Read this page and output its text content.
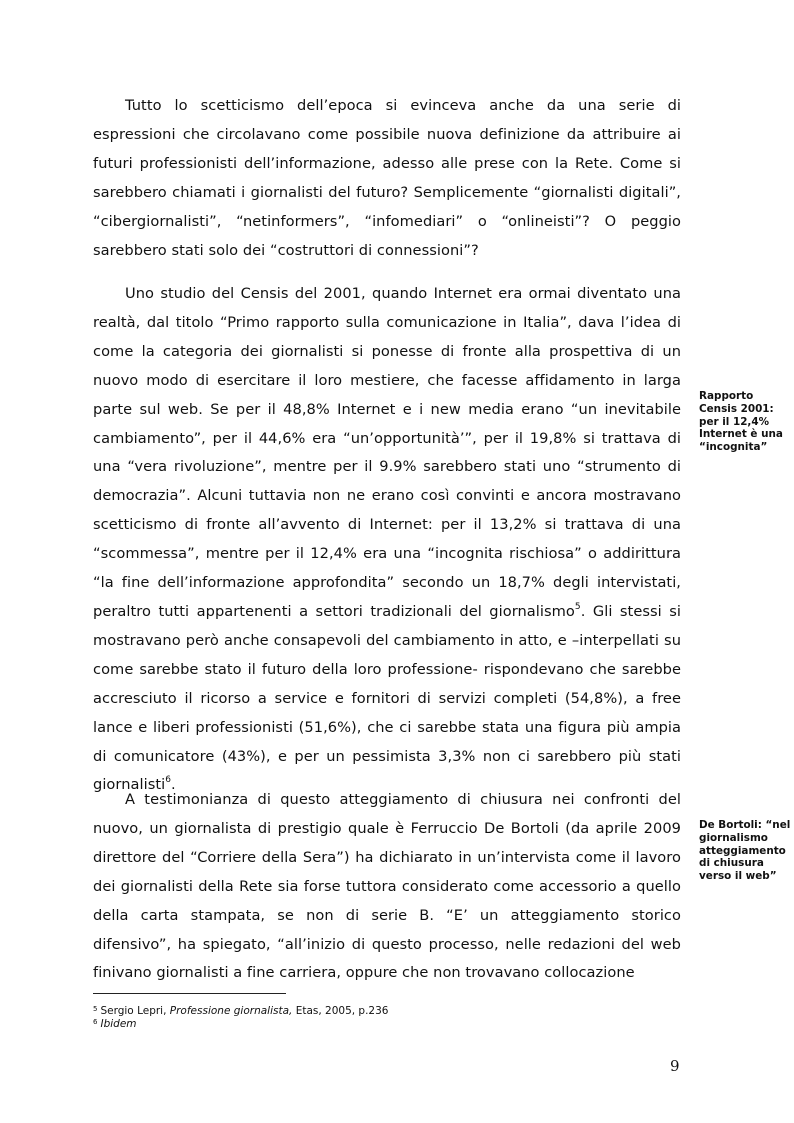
Tutto lo scetticismo dell’epoca si evinceva anche da una serie di espressioni che circolavano come possibile nuova definizione da attribuire ai futuri professionisti dell’informazione, adesso alle prese con la Rete. Come si sarebbero chiamati i giornalisti del futuro? Semplicemente “giornalisti digitali”, “cibergiornalisti”, “netinformers”, “infomediari” o “onlineisti”? O peggio sarebbero stati solo dei “costruttori di connessioni”?

Uno studio del Censis del 2001, quando Internet era ormai diventato una realtà, dal titolo “Primo rapporto sulla comunicazione in Italia”, dava l’idea di come la categoria dei giornalisti si ponesse di fronte alla prospettiva di un nuovo modo di esercitare il loro mestiere, che facesse affidamento in larga parte sul web. Se per il 48,8% Internet e i new media erano “un inevitabile cambiamento”, per il 44,6% era “un’opportunità’”, per il 19,8% si trattava di una “vera rivoluzione”, mentre per il 9.9% sarebbero stati uno “strumento di democrazia”. Alcuni tuttavia non ne erano così convinti e ancora mostravano scetticismo di fronte all’avvento di Internet: per il 13,2% si trattava di una “scommessa”, mentre per il 12,4% era una “incognita rischiosa” o addirittura “la fine dell’informazione approfondita” secondo un 18,7% degli intervistati, peraltro tutti appartenenti a settori tradizionali del giornalismo$^5$. Gli stessi si mostravano però anche consapevoli del cambiamento in atto, e –interpellati su come sarebbe stato il futuro della loro professione- rispondevano che sarebbe accresciuto il ricorso a service e fornitori di servizi completi (54,8%), a free lance e liberi professionisti (51,6%), che ci sarebbe stata una figura più ampia di comunicatore (43%), e per un pessimista 3,3% non ci sarebbero più stati giornalisti$^6$.

A testimonianza di questo atteggiamento di chiusura nei confronti del nuovo, un giornalista di prestigio quale è Ferruccio De Bortoli (da aprile 2009 direttore del “Corriere della Sera”) ha dichiarato in un’intervista come il lavoro dei giornalisti della Rete sia forse tuttora considerato come accessorio a quello della carta stampata, se non di serie B. “E’ un atteggiamento storico difensivo”, ha spiegato, “all’inizio di questo processo, nelle redazioni del web finivano giornalisti a fine carriera, oppure che non trovavano collocazione

Rapporto Censis 2001: per il 12,4% Internet è una “incognita”
De Bortoli: “nel giornalismo atteggiamento di chiusura verso il web”
$^5$ Sergio Lepri, Professione giornalista, Etas, 2005, p.236
$^6$ Ibidem
9
